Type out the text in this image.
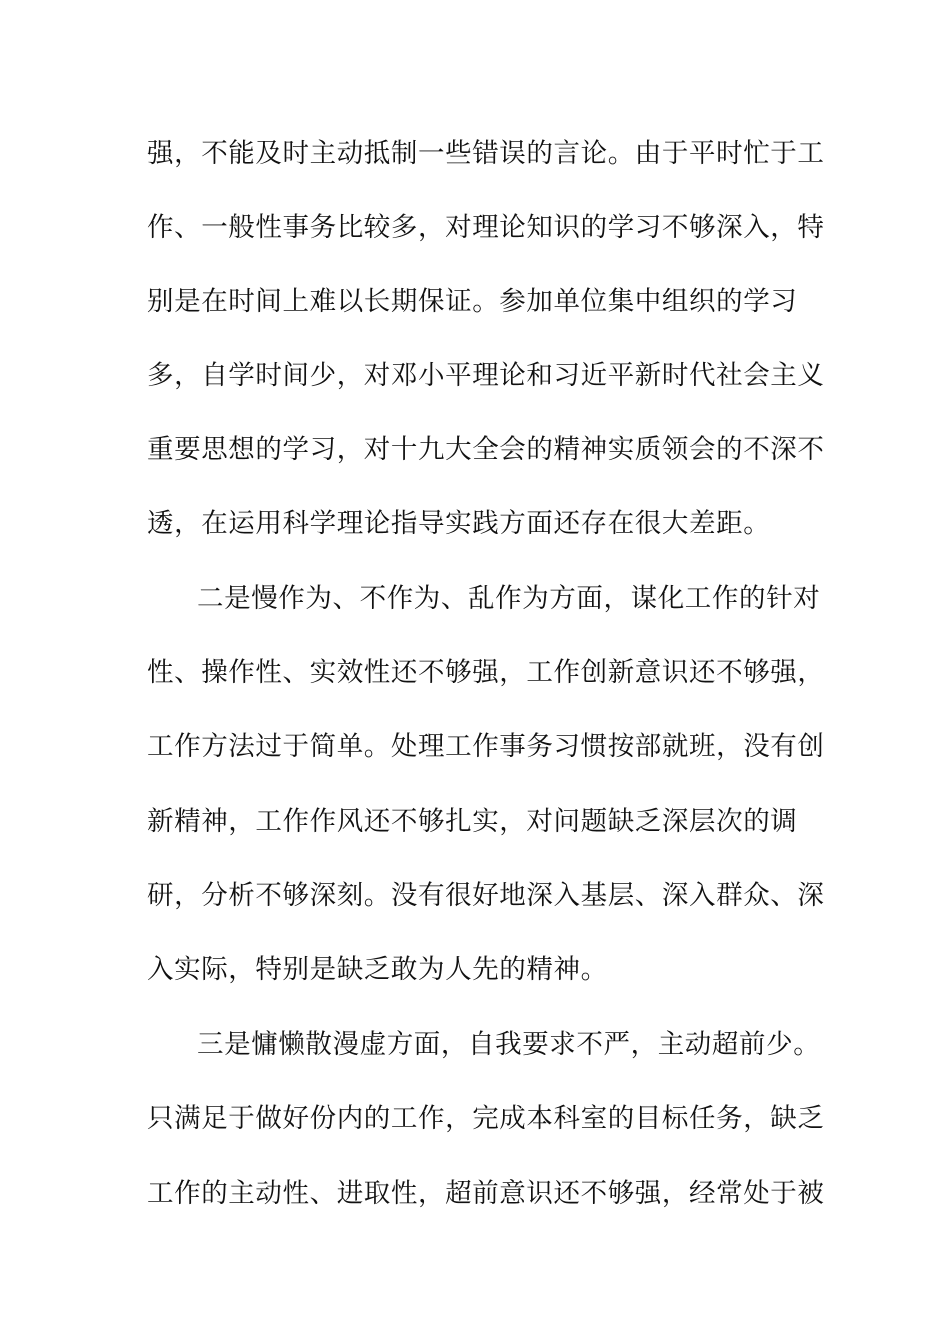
强，不能及时主动抵制一些错误的言论。由于平时忙于工
作、一般性事务比较多，对理论知识的学习不够深入，特
别是在时间上难以长期保证。参加单位集中组织的学习
多，自学时间少，对邓小平理论和习近平新时代社会主义
重要思想的学习，对十九大全会的精神实质领会的不深不
透，在运用科学理论指导实践方面还存在很大差距。
二是慢作为、不作为、乱作为方面，谋化工作的针对
性、操作性、实效性还不够强，工作创新意识还不够强，
工作方法过于简单。处理工作事务习惯按部就班，没有创
新精神，工作作风还不够扎实，对问题缺乏深层次的调
研，分析不够深刻。没有很好地深入基层、深入群众、深
入实际，特别是缺乏敢为人先的精神。
三是慵懒散漫虚方面，自我要求不严，主动超前少。
只满足于做好份内的工作，完成本科室的目标任务，缺乏
工作的主动性、进取性，超前意识还不够强，经常处于被
